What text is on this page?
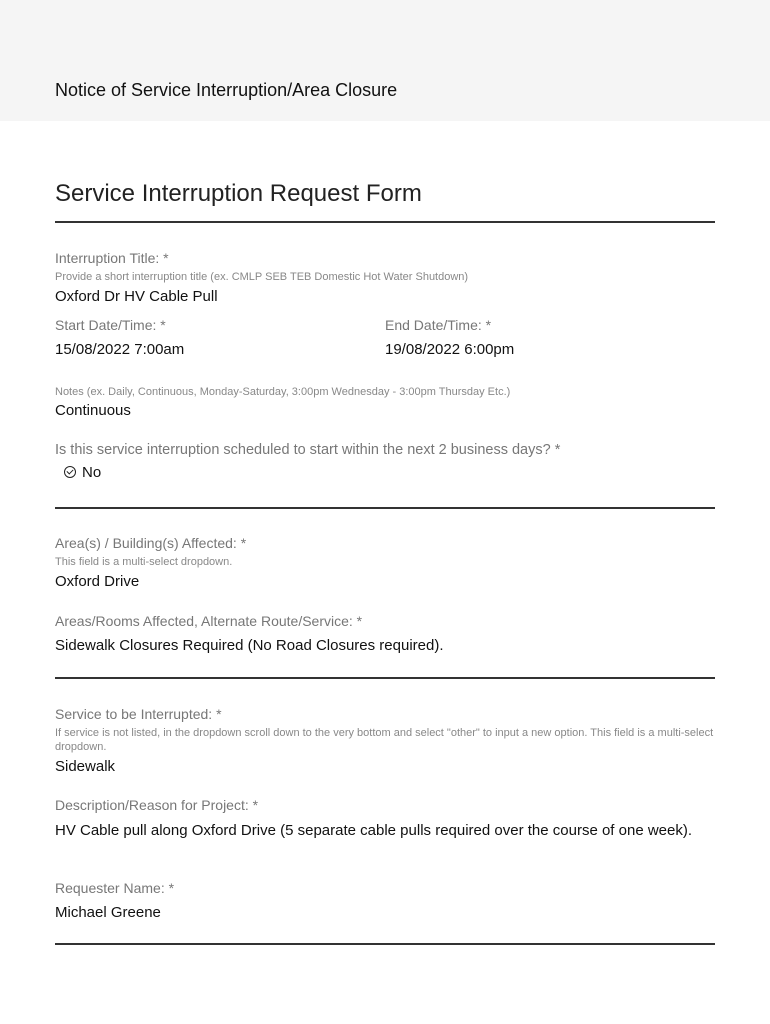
Notice of Service Interruption/Area Closure
Service Interruption Request Form
Interruption Title: *
Provide a short interruption title (ex. CMLP SEB TEB Domestic Hot Water Shutdown)
Oxford Dr HV Cable Pull
Start Date/Time: *
15/08/2022 7:00am
End Date/Time: *
19/08/2022 6:00pm
Notes (ex. Daily, Continuous, Monday-Saturday, 3:00pm Wednesday - 3:00pm Thursday Etc.)
Continuous
Is this service interruption scheduled to start within the next 2 business days? *
No
Area(s) / Building(s) Affected: *
This field is a multi-select dropdown.
Oxford Drive
Areas/Rooms Affected, Alternate Route/Service: *
Sidewalk Closures Required (No Road Closures required).
Service to be Interrupted: *
If service is not listed, in the dropdown scroll down to the very bottom and select "other" to input a new option. This field is a multi-select dropdown.
Sidewalk
Description/Reason for Project: *
HV Cable pull along Oxford Drive (5 separate cable pulls required over the course of one week).
Requester Name: *
Michael Greene
